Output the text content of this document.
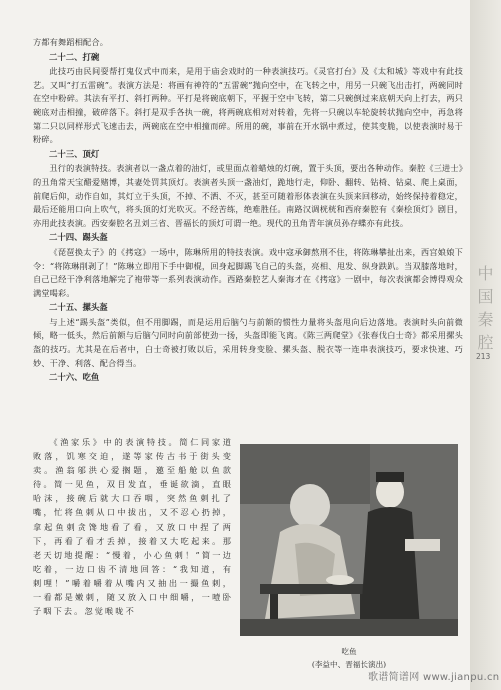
中
国
秦
腔
213

方都有舞蹈相配合。

二十二、打碗

此技巧由民间耍帮打鬼仪式中而来，是用于庙会戏时的一种表演技巧。《灵官打台》及《太和城》等戏中有此技艺。又叫“打五雷碗”。表演方法是：将画有神符的“五雷碗”抛向空中，在飞转之中，用另一只碗飞出击打，两碗同时在空中粉碎。其法有平打、斜打两种。平打是将碗底朝下，平握于空中飞转，第二只碗倒过来底朝天向上打去，两只碗底对击相撞，破碎落下。斜打是双手各执一碗，将两碗底相对对转着，先将一只碗以车轮旋转状抛向空中，再急将第二只以同样形式飞速击去，两碗底在空中相撞而碎。所用的碗，事前在开水锅中煮过，使其变脆，以使表演时易于粉碎。

二十三、顶灯

丑行的表演特技。表演者以一盏点着的油灯，或里面点着蜡烛的灯碗，置于头顶，要出各种动作。秦腔《三进士》的丑角常天宝醋爱赌博，其妻处罚其顶灯。表演者头顶一盏油灯，跪地行走，仰卧、翻转、钻椅、钻桌、爬上桌面，前爬后仰，动作自如，其灯立于头顶，不掉、不洒、不灭，甚至可随着形体表演在头顶来回移动，始终保持着稳定，最后还能用口向上吹气，将头顶的灯光吹灭。不经苦练，绝难胜任。南路汉调桄桄和西府秦腔有《秦桧顶灯》剧目，亦用此技表演。西安秦腔名丑刘三省、晋福长的顶灯可谓一绝。现代的丑角青年演员孙存蝶亦有此技。

二十四、踢头盔

《琵琶换太子》的《拷寇》一场中，陈琳所用的特技表演。戏中寇承御熬刑不住，将陈琳攀扯出来，西宫娘娘下令：“将陈琳削剥了！”陈琳立即用下手中御棍，回身起脚踢飞自己的头盔，亮相、甩发、纵身跌趴。当双膝落地时，自己已经干净利落地解完了袍带等一系列表演动作。西路秦腔艺人秦海才在《拷寇》一剧中，每次表演都会博得观众满堂喝彩。

二十五、摞头盔

与上述“踢头盔”类似，但不用脚踢，而是运用后脑勺与前额的惯性力量将头盔甩向后边落地。表演时头向前微倾，略一低头，然后前额与后脑勺同时向前部使劲一扬，头盔即能飞离。《陈三两爬堂》《张春伐白士奇》都采用摞头盔的技巧。尤其是在后者中，白士奇被打败以后，采用转身变脸、摞头盔、脱衣等一连串表演技巧，要求快速、巧妙、干净、利落、配合得当。

二十六、吃鱼

《渔家乐》中的表演特技。简仁同家道败落，饥寒交迫，遂等家传古书于街头变卖。渔翁邬洪心爱搁题，邀至船舱以鱼款待。简一见鱼，双目发直，垂诞欲滴，直眼哈沫，接碗后就大口吞咽，突然鱼刺扎了嘴，忙将鱼刺从口中拔出，又不忍心扔掉，拿起鱼刺贪馋地看了看，又放口中捏了两下，再看了看才丢掉，接着又大吃起来。那老天切地提醒：“慢着，小心鱼刺！”简一边吃着，一边口齿不清地回答：“我知道，有刺哩！”嚼着嚼着从嘴内又抽出一撮鱼刺，一看都是嫩刺，随又放入口中细嚼，一噎卧子咽下去。忽觉喉咙不

吃鱼
(李益中、晋福长演出)
歌谱简谱网 www.jianpu.cn
